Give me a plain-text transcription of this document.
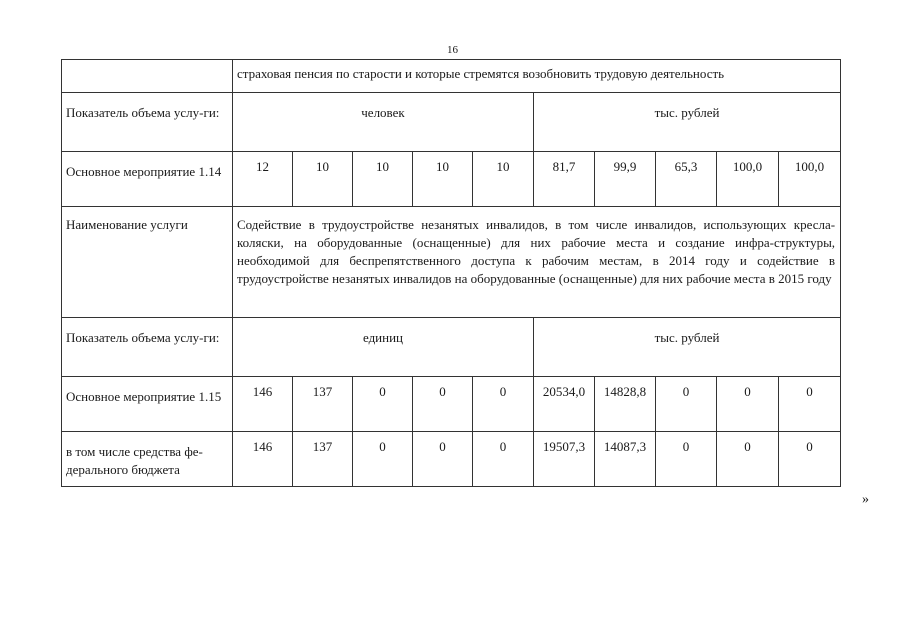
16
	страховая пенсия по старости и которые стремятся возобновить трудовую деятельность									
Показатель объема услу-ги:	человек					тыс. рублей				
Основное мероприятие 1.14	12	10	10	10	10	81,7	99,9	65,3	100,0	100,0
Наименование услуги	Содействие в трудоустройстве незанятых инвалидов, в том числе инвалидов, использующих кресла-коляски, на оборудованные (оснащенные) для них рабочие места и создание инфра-структуры, необходимой для беспрепятственного доступа к рабочим местам, в 2014 году и содействие в трудоустройстве незанятых инвалидов на оборудованные (оснащенные) для них рабочие места в 2015 году									
Показатель объема услу-ги:	единиц					тыс. рублей				
Основное мероприятие 1.15	146	137	0	0	0	20534,0	14828,8	0	0	0
в том числе средства фе-дерального бюджета	146	137	0	0	0	19507,3	14087,3	0	0	0
»
